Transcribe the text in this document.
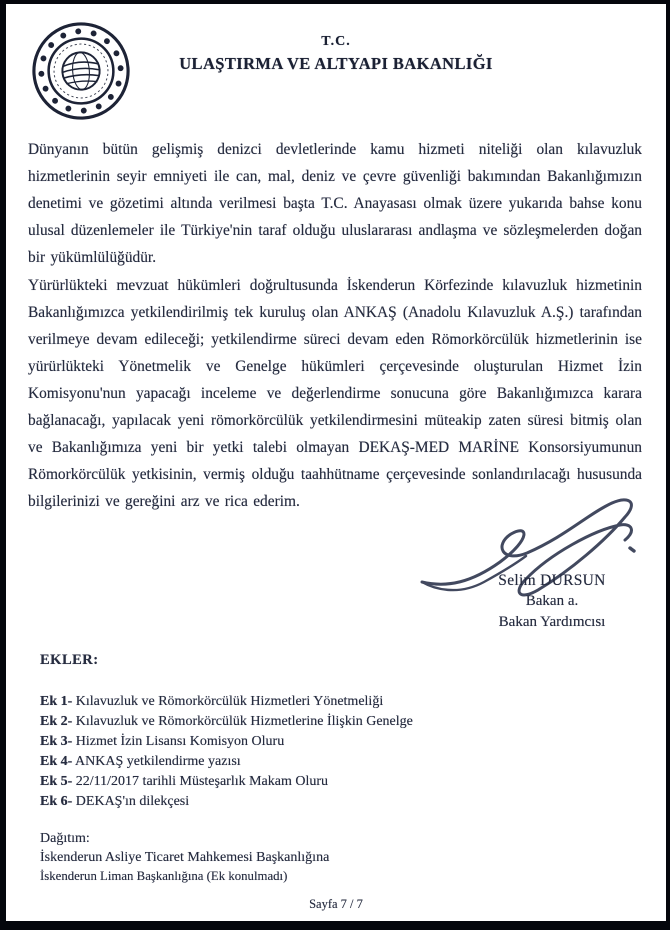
T.C.
ULAŞTIRMA VE ALTYAPI BAKANLIĞI

Dünyanın bütün gelişmiş denizci devletlerinde kamu hizmeti niteliği olan kılavuzluk hizmetlerinin seyir emniyeti ile can, mal, deniz ve çevre güvenliği bakımından Bakanlığımızın denetimi ve gözetimi altında verilmesi başta T.C. Anayasası olmak üzere yukarıda bahse konu ulusal düzenlemeler ile Türkiye'nin taraf olduğu uluslararası andlaşma ve sözleşmelerden doğan bir yükümlülüğüdür.

Yürürlükteki mevzuat hükümleri doğrultusunda İskenderun Körfezinde kılavuzluk hizmetinin Bakanlığımızca yetkilendirilmiş tek kuruluş olan ANKAŞ (Anadolu Kılavuzluk A.Ş.) tarafından verilmeye devam edileceği; yetkilendirme süreci devam eden Römorkörcülük hizmetlerinin ise yürürlükteki Yönetmelik ve Genelge hükümleri çerçevesinde oluşturulan Hizmet İzin Komisyonu'nun yapacağı inceleme ve değerlendirme sonucuna göre Bakanlığımızca karara bağlanacağı, yapılacak yeni römorkörcülük yetkilendirmesini müteakip zaten süresi bitmiş olan ve Bakanlığımıza yeni bir yetki talebi olmayan DEKAŞ-MED MARİNE Konsorsiyumunun Römorkörcülük yetkisinin, vermiş olduğu taahhütname çerçevesinde sonlandırılacağı hususunda bilgilerinizi ve gereğini arz ve rica ederim.

Selim DURSUN
Bakan a.
Bakan Yardımcısı
EKLER:
Ek 1- Kılavuzluk ve Römorkörcülük Hizmetleri Yönetmeliği
Ek 2- Kılavuzluk ve Römorkörcülük Hizmetlerine İlişkin Genelge
Ek 3- Hizmet İzin Lisansı Komisyon Oluru
Ek 4- ANKAŞ yetkilendirme yazısı
Ek 5- 22/11/2017 tarihli Müsteşarlık Makam Oluru
Ek 6- DEKAŞ'ın dilekçesi
Dağıtım:
İskenderun Asliye Ticaret Mahkemesi Başkanlığına
İskenderun Liman Başkanlığına (Ek konulmadı)
Sayfa 7 / 7
